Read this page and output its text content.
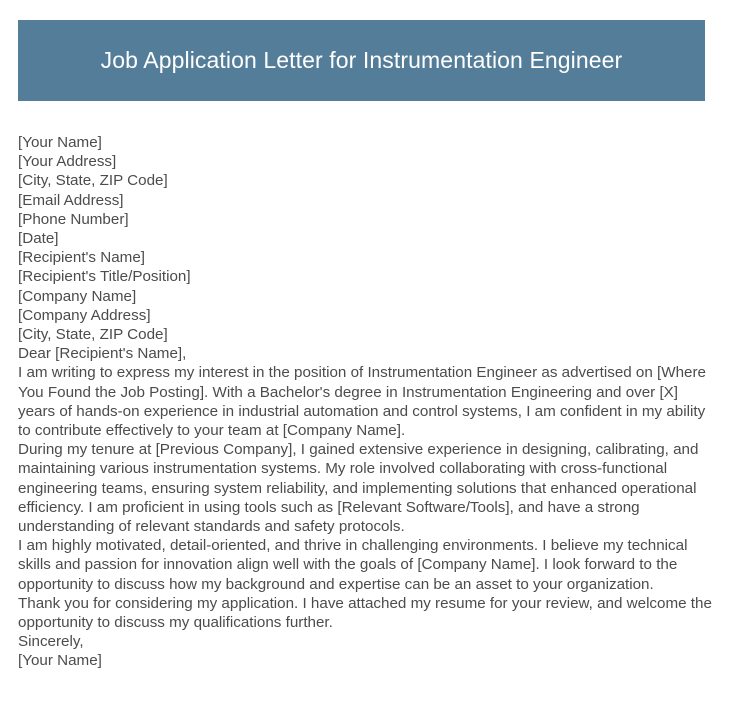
Job Application Letter for Instrumentation Engineer
[Your Name]
[Your Address]
[City, State, ZIP Code]
[Email Address]
[Phone Number]
[Date]
[Recipient's Name]
[Recipient's Title/Position]
[Company Name]
[Company Address]
[City, State, ZIP Code]
Dear [Recipient's Name],
I am writing to express my interest in the position of Instrumentation Engineer as advertised on [Where You Found the Job Posting]. With a Bachelor's degree in Instrumentation Engineering and over [X] years of hands-on experience in industrial automation and control systems, I am confident in my ability to contribute effectively to your team at [Company Name].
During my tenure at [Previous Company], I gained extensive experience in designing, calibrating, and maintaining various instrumentation systems. My role involved collaborating with cross-functional engineering teams, ensuring system reliability, and implementing solutions that enhanced operational efficiency. I am proficient in using tools such as [Relevant Software/Tools], and have a strong understanding of relevant standards and safety protocols.
I am highly motivated, detail-oriented, and thrive in challenging environments. I believe my technical skills and passion for innovation align well with the goals of [Company Name]. I look forward to the opportunity to discuss how my background and expertise can be an asset to your organization.
Thank you for considering my application. I have attached my resume for your review, and welcome the opportunity to discuss my qualifications further.
Sincerely,
[Your Name]
